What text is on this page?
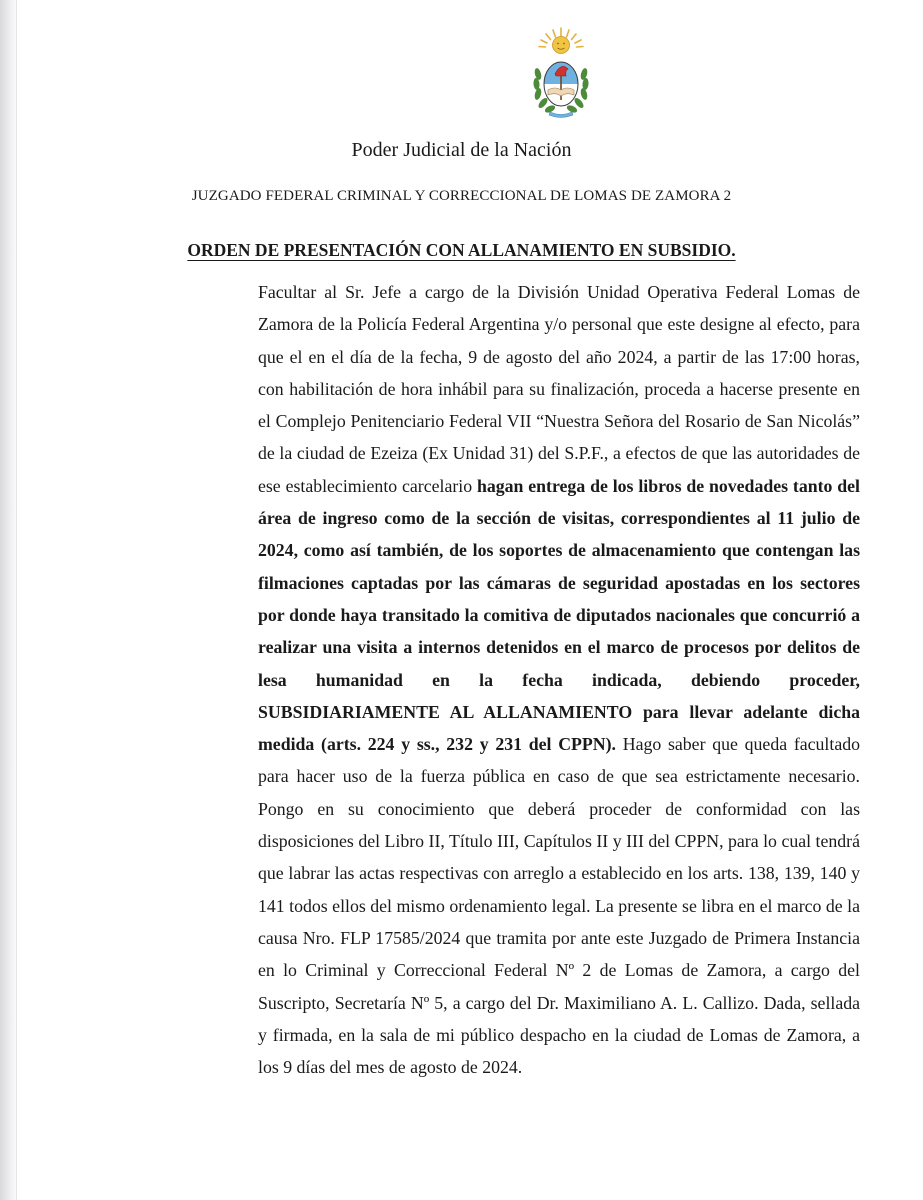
Poder Judicial de la Nación
JUZGADO FEDERAL CRIMINAL Y CORRECCIONAL DE LOMAS DE ZAMORA 2
ORDEN DE PRESENTACIÓN CON ALLANAMIENTO EN SUBSIDIO.

Facultar al Sr. Jefe a cargo de la División Unidad Operativa Federal Lomas de Zamora de la Policía Federal Argentina y/o personal que este designe al efecto, para que el en el día de la fecha, 9 de agosto del año 2024, a partir de las 17:00 horas, con habilitación de hora inhábil para su finalización, proceda a hacerse presente en el Complejo Penitenciario Federal VII “Nuestra Señora del Rosario de San Nicolás” de la ciudad de Ezeiza (Ex Unidad 31) del S.P.F., a efectos de que las autoridades de ese establecimiento carcelario hagan entrega de los libros de novedades tanto del área de ingreso como de la sección de visitas, correspondientes al 11 julio de 2024, como así también, de los soportes de almacenamiento que contengan las filmaciones captadas por las cámaras de seguridad apostadas en los sectores por donde haya transitado la comitiva de diputados nacionales que concurrió a realizar una visita a internos detenidos en el marco de procesos por delitos de lesa humanidad en la fecha indicada, debiendo proceder, SUBSIDIARIAMENTE AL ALLANAMIENTO para llevar adelante dicha medida (arts. 224 y ss., 232 y 231 del CPPN). Hago saber que queda facultado para hacer uso de la fuerza pública en caso de que sea estrictamente necesario. Pongo en su conocimiento que deberá proceder de conformidad con las disposiciones del Libro II, Título III, Capítulos II y III del CPPN, para lo cual tendrá que labrar las actas respectivas con arreglo a establecido en los arts. 138, 139, 140 y 141 todos ellos del mismo ordenamiento legal. La presente se libra en el marco de la causa Nro. FLP 17585/2024 que tramita por ante este Juzgado de Primera Instancia en lo Criminal y Correccional Federal Nº 2 de Lomas de Zamora, a cargo del Suscripto, Secretaría Nº 5, a cargo del Dr. Maximiliano A. L. Callizo. Dada, sellada y firmada, en la sala de mi público despacho en la ciudad de Lomas de Zamora, a los 9 días del mes de agosto de 2024.
